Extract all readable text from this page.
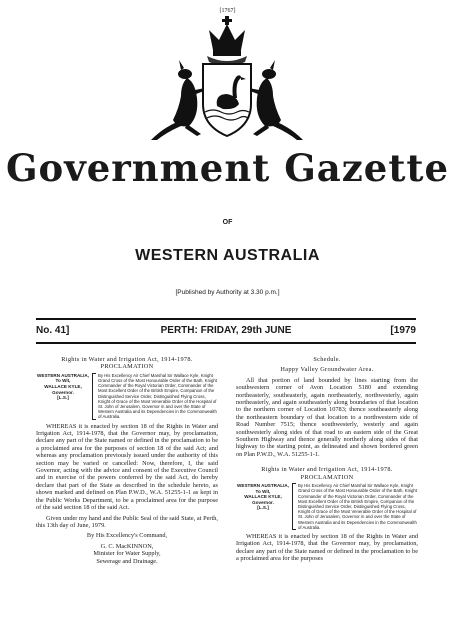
[1767]
Government Gazette
OF
WESTERN AUSTRALIA
[Published by Authority at 3.30 p.m.]
No. 41]	PERTH: FRIDAY, 29th JUNE	[1979

Rights in Water and Irrigation Act, 1914-1978.

PROCLAMATION

WESTERN AUSTRALIA,
To Wit,
WALLACE KYLE,
Governor.
[L.S.]
By His Excellency Air Chief Marshal Sir Wallace Kyle, Knight Grand Cross of the Most Honourable Order of the Bath, Knight Commander of the Royal Victorian Order, Commander of the Most Excellent Order of the British Empire, Companion of the Distinguished Service Order, Distinguished Flying Cross, Knight of Grace of the Most Venerable Order of the Hospital of St. John of Jerusalem, Governor in and over the State of Western Australia and its Dependencies in the Commonwealth of Australia.

WHEREAS it is enacted by section 18 of the Rights in Water and Irrigation Act, 1914-1978, that the Governor may, by proclamation, declare any part of the State named or defined in the proclamation to be a proclaimed area for the purposes of section 18 of the said Act; and whereas any proclamation previously issued under the authority of this section may be varied or cancelled: Now, therefore, I, the said Governor, acting with the advice and consent of the Executive Council and in exercise of the powers conferred by the said Act, do hereby declare that part of the State as described in the schedule hereto, as shown marked and defined on Plan P.W.D., W.A. 51255-1-1 as kept in the Public Works Department, to be a proclaimed area for the purpose of the said section 18 of the said Act.

Given under my hand and the Public Seal of the said State, at Perth, this 13th day of June, 1979.

By His Excellency's Command,

G. C. MacKINNON,

Minister for Water Supply,

Sewerage and Drainage.

Schedule.

Happy Valley Groundwater Area.

All that portion of land bounded by lines starting from the southwestern corner of Avon Location 5180 and extending northeasterly, southeasterly, again northeasterly, northwesterly, again northeasterly, and again southeasterly along boundaries of that location to the northern corner of Location 10783; thence southeasterly along the northeastern boundary of that location to a northwestern side of Road Number 7515; thence southwesterly, westerly and again southwesterly along sides of that road to an eastern side of the Great Southern Highway and thence generally northerly along sides of that highway to the starting point, as delineated and shown bordered green on Plan P.W.D., W.A. 51255-1-1.

Rights in Water and Irrigation Act, 1914-1978.

PROCLAMATION

WESTERN AUSTRALIA,
To Wit,
WALLACE KYLE,
Governor.
[L.S.]
By His Excellency Air Chief Marshal Sir Wallace Kyle, Knight Grand Cross of the Most Honourable Order of the Bath, Knight Commander of the Royal Victorian Order, Commander of the Most Excellent Order of the British Empire, Companion of the Distinguished Service Order, Distinguished Flying Cross, Knight of Grace of the Most Venerable Order of the Hospital of St. John of Jerusalem, Governor in and over the State of Western Australia and its Dependencies in the Commonwealth of Australia.

WHEREAS it is enacted by section 18 of the Rights in Water and Irrigation Act, 1914-1978, that the Governor may, by proclamation, declare any part of the State named or defined in the proclamation to be a proclaimed area for the purposes
